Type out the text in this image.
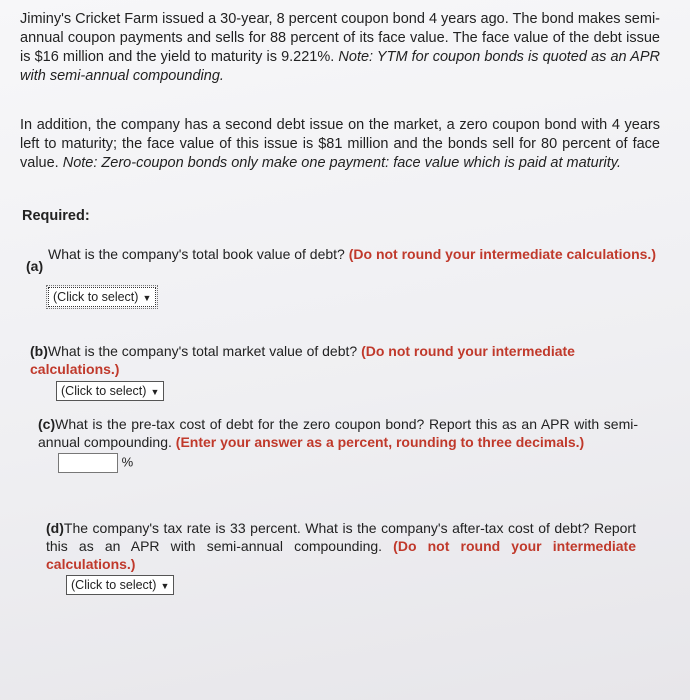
Jiminy's Cricket Farm issued a 30-year, 8 percent coupon bond 4 years ago. The bond makes semi-annual coupon payments and sells for 88 percent of its face value. The face value of the debt issue is $16 million and the yield to maturity is 9.221%. Note: YTM for coupon bonds is quoted as an APR with semi-annual compounding.
In addition, the company has a second debt issue on the market, a zero coupon bond with 4 years left to maturity; the face value of this issue is $81 million and the bonds sell for 80 percent of face value. Note: Zero-coupon bonds only make one payment: face value which is paid at maturity.
Required:
(a)
What is the company's total book value of debt? (Do not round your intermediate calculations.)
(Click to select) ▼
(b)What is the company's total market value of debt? (Do not round your intermediate calculations.)
(Click to select) ▼
(c)What is the pre-tax cost of debt for the zero coupon bond? Report this as an APR with semi-annual compounding. (Enter your answer as a percent, rounding to three decimals.)
%
(d)The company's tax rate is 33 percent. What is the company's after-tax cost of debt? Report this as an APR with semi-annual compounding. (Do not round your intermediate calculations.)
(Click to select) ▼
